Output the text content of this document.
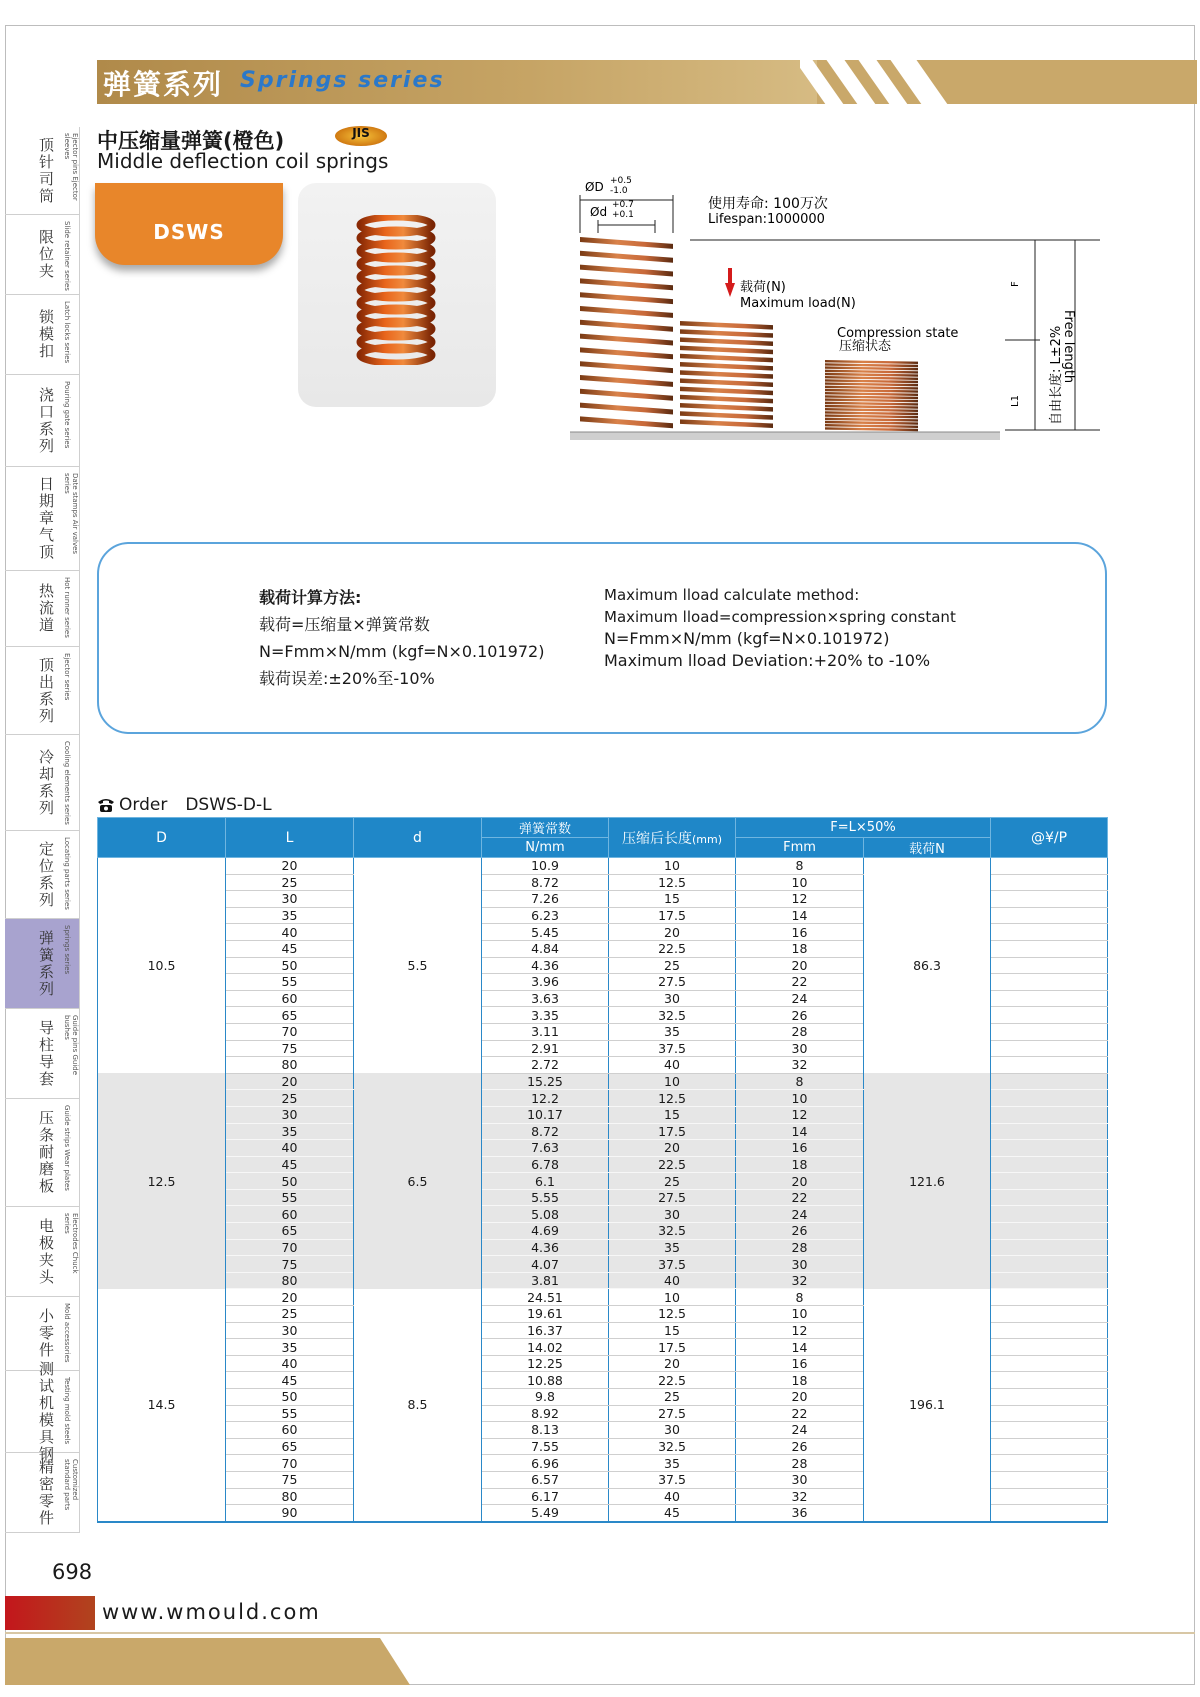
弹簧系列 Springs series
顶针司筒	Ejector pins Ejector sleeves
限位夹 Slide retainer series
锁模扣 Latch locks series
浇口系列 Pouring gate series
日期章气顶	Date stamps Air valves series
热流道 Hot runner series
顶出系列
Ejector series
冷却系列 Cooling elements series
定位系列 Locating parts series
弹簧系列
Springs series
导柱导套
Guide pins Guide bushes
压条耐磨板 Guide strips Wear plates
电极夹头
Electrodes Chuck series
小零件 Mold accessories
测试机模具钢
Testing mold steels
精密零件
Customized standard parts
中压缩量弹簧(橙色)	JIS
Middle deflection coil springs
DSWS
ØD +0.5
-1.0
Ød +0.7
+0.1
使用寿命: 100万次
Lifespan:1000000
载荷(N)
Maximum load(N)
Compression state
压缩状态
F
L1 自由长度: L±2%
Free length
载荷计算方法:
载荷=压缩量×弹簧常数
N=Fmm×N/mm (kgf=N×0.101972)
载荷误差:±20%至-10%
Maximum lload calculate method:
Maximum lload=compression×spring constant
N=Fmm×N/mm (kgf=N×0.101972)
Maximum lload Deviation:+20% to -10%
Order DSWS-D-L
D	L	d	弹簧常数	压缩后长度(mm)	F=L×50%		@¥/P
			N/mm		Fmm	载荷N	
10.5	20	5.5	10.9	10	8	86.3	
	25		8.72	12.5	10		
	30		7.26	15	12		
	35		6.23	17.5	14		
	40		5.45	20	16		
	45		4.84	22.5	18		
	50		4.36	25	20		
	55		3.96	27.5	22		
	60		3.63	30	24		
	65		3.35	32.5	26		
	70		3.11	35	28		
	75		2.91	37.5	30		
	80		2.72	40	32		
12.5	20	6.5	15.25	10	8	121.6	
	25		12.2	12.5	10		
	30		10.17	15	12		
	35		8.72	17.5	14		
	40		7.63	20	16		
	45		6.78	22.5	18		
	50		6.1	25	20		
	55		5.55	27.5	22		
	60		5.08	30	24		
	65		4.69	32.5	26		
	70		4.36	35	28		
	75		4.07	37.5	30		
	80		3.81	40	32		
14.5	20	8.5	24.51	10	8	196.1	
	25		19.61	12.5	10		
	30		16.37	15	12		
	35		14.02	17.5	14		
	40		12.25	20	16		
	45		10.88	22.5	18		
	50		9.8	25	20		
	55		8.92	27.5	22		
	60		8.13	30	24		
	65		7.55	32.5	26		
	70		6.96	35	28		
	75		6.57	37.5	30		
	80		6.17	40	32		
	90		5.49	45	36		
698
www.wmould.com
